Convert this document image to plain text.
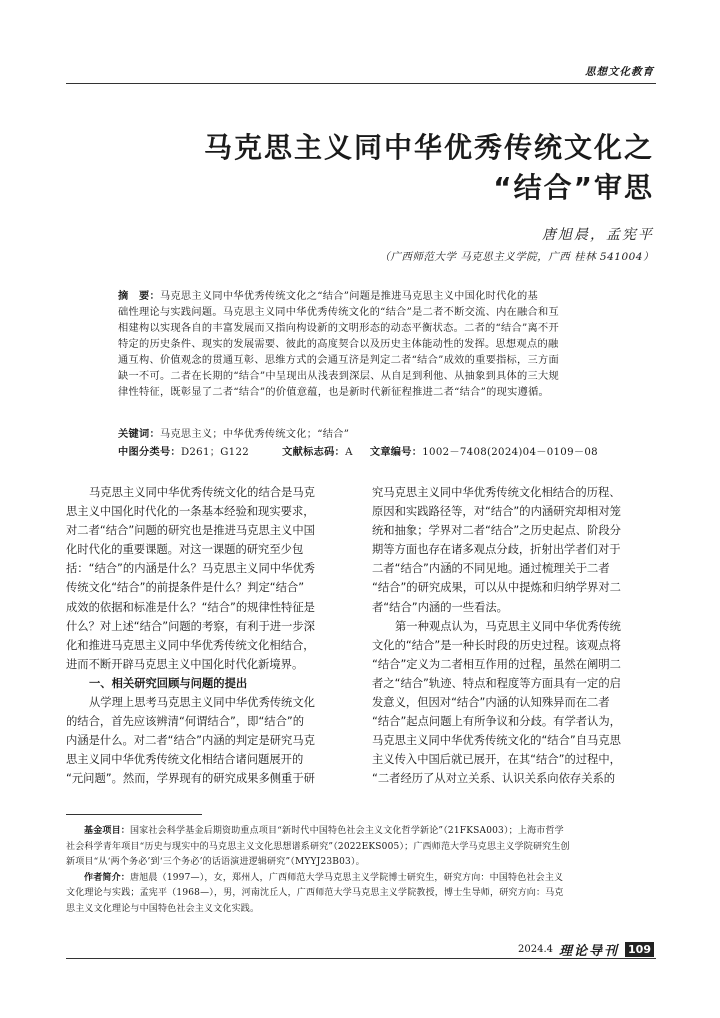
思想文化教育
马克思主义同中华优秀传统文化之
“结合”审思
唐旭晨，孟宪平
（广西师范大学 马克思主义学院，广西 桂林 541004）
摘　要：马克思主义同中华优秀传统文化之“结合”问题是推进马克思主义中国化时代化的基
础性理论与实践问题。马克思主义同中华优秀传统文化的“结合”是二者不断交流、内在融合和互
相建构以实现各自的丰富发展而又指向构设新的文明形态的动态平衡状态。二者的“结合”离不开
特定的历史条件、现实的发展需要、彼此的高度契合以及历史主体能动性的发挥。思想观点的融
通互构、价值观念的贯通互彰、思维方式的会通互济是判定二者“结合”成效的重要指标，三方面
缺一不可。二者在长期的“结合”中呈现出从浅表到深层、从自足到利他、从抽象到具体的三大规
律性特征，既彰显了二者“结合”的价值意蕴，也是新时代新征程推进二者“结合”的现实遵循。
关键词：马克思主义；中华优秀传统文化；“结合”
中图分类号：D261；G122	文献标志码：A 文章编号：1002－7408(2024)04－0109－08
马克思主义同中华优秀传统文化的结合是马克
思主义中国化时代化的一条基本经验和现实要求，
对二者“结合”问题的研究也是推进马克思主义中国
化时代化的重要课题。对这一课题的研究至少包
括：“结合”的内涵是什么？马克思主义同中华优秀
传统文化“结合”的前提条件是什么？判定“结合”
成效的依据和标准是什么？“结合”的规律性特征是
什么？对上述“结合”问题的考察，有利于进一步深
化和推进马克思主义同中华优秀传统文化相结合，
进而不断开辟马克思主义中国化时代化新境界。
一、相关研究回顾与问题的提出
从学理上思考马克思主义同中华优秀传统文化
的结合，首先应该辨清“何谓结合”，即“结合”的
内涵是什么。对二者“结合”内涵的判定是研究马克
思主义同中华优秀传统文化相结合诸问题展开的
“元问题”。然而，学界现有的研究成果多侧重于研
究马克思主义同中华优秀传统文化相结合的历程、
原因和实践路径等，对“结合”的内涵研究却相对笼
统和抽象；学界对二者“结合”之历史起点、阶段分
期等方面也存在诸多观点分歧，折射出学者们对于
二者“结合”内涵的不同见地。通过梳理关于二者
“结合”的研究成果，可以从中提炼和归纳学界对二
者“结合”内涵的一些看法。
第一种观点认为，马克思主义同中华优秀传统
文化的“结合”是一种长时段的历史过程。该观点将
“结合”定义为二者相互作用的过程，虽然在阐明二
者之“结合”轨迹、特点和程度等方面具有一定的启
发意义，但因对“结合”内涵的认知殊异而在二者
“结合”起点问题上有所争议和分歧。有学者认为，
马克思主义同中华优秀传统文化的“结合”自马克思
主义传入中国后就已展开，在其“结合”的过程中，
“二者经历了从对立关系、认识关系向依存关系的
基金项目：国家社会科学基金后期资助重点项目“新时代中国特色社会主义文化哲学新论”（21FKSA003）；上海市哲学
社会科学青年项目“历史与现实中的马克思主义文化思想谱系研究”（2022EKS005）；广西师范大学马克思主义学院研究生创
新项目“从‘两个务必’到‘三个务必’的话语演进逻辑研究”（MYYJ23B03）。
作者简介：唐旭晨（1997—），女，郑州人，广西师范大学马克思主义学院博士研究生，研究方向：中国特色社会主义
文化理论与实践；孟宪平（1968—），男，河南沈丘人，广西师范大学马克思主义学院教授，博士生导师，研究方向：马克
思主义文化理论与中国特色社会主义文化实践。
2024.4 理论导刊 109
